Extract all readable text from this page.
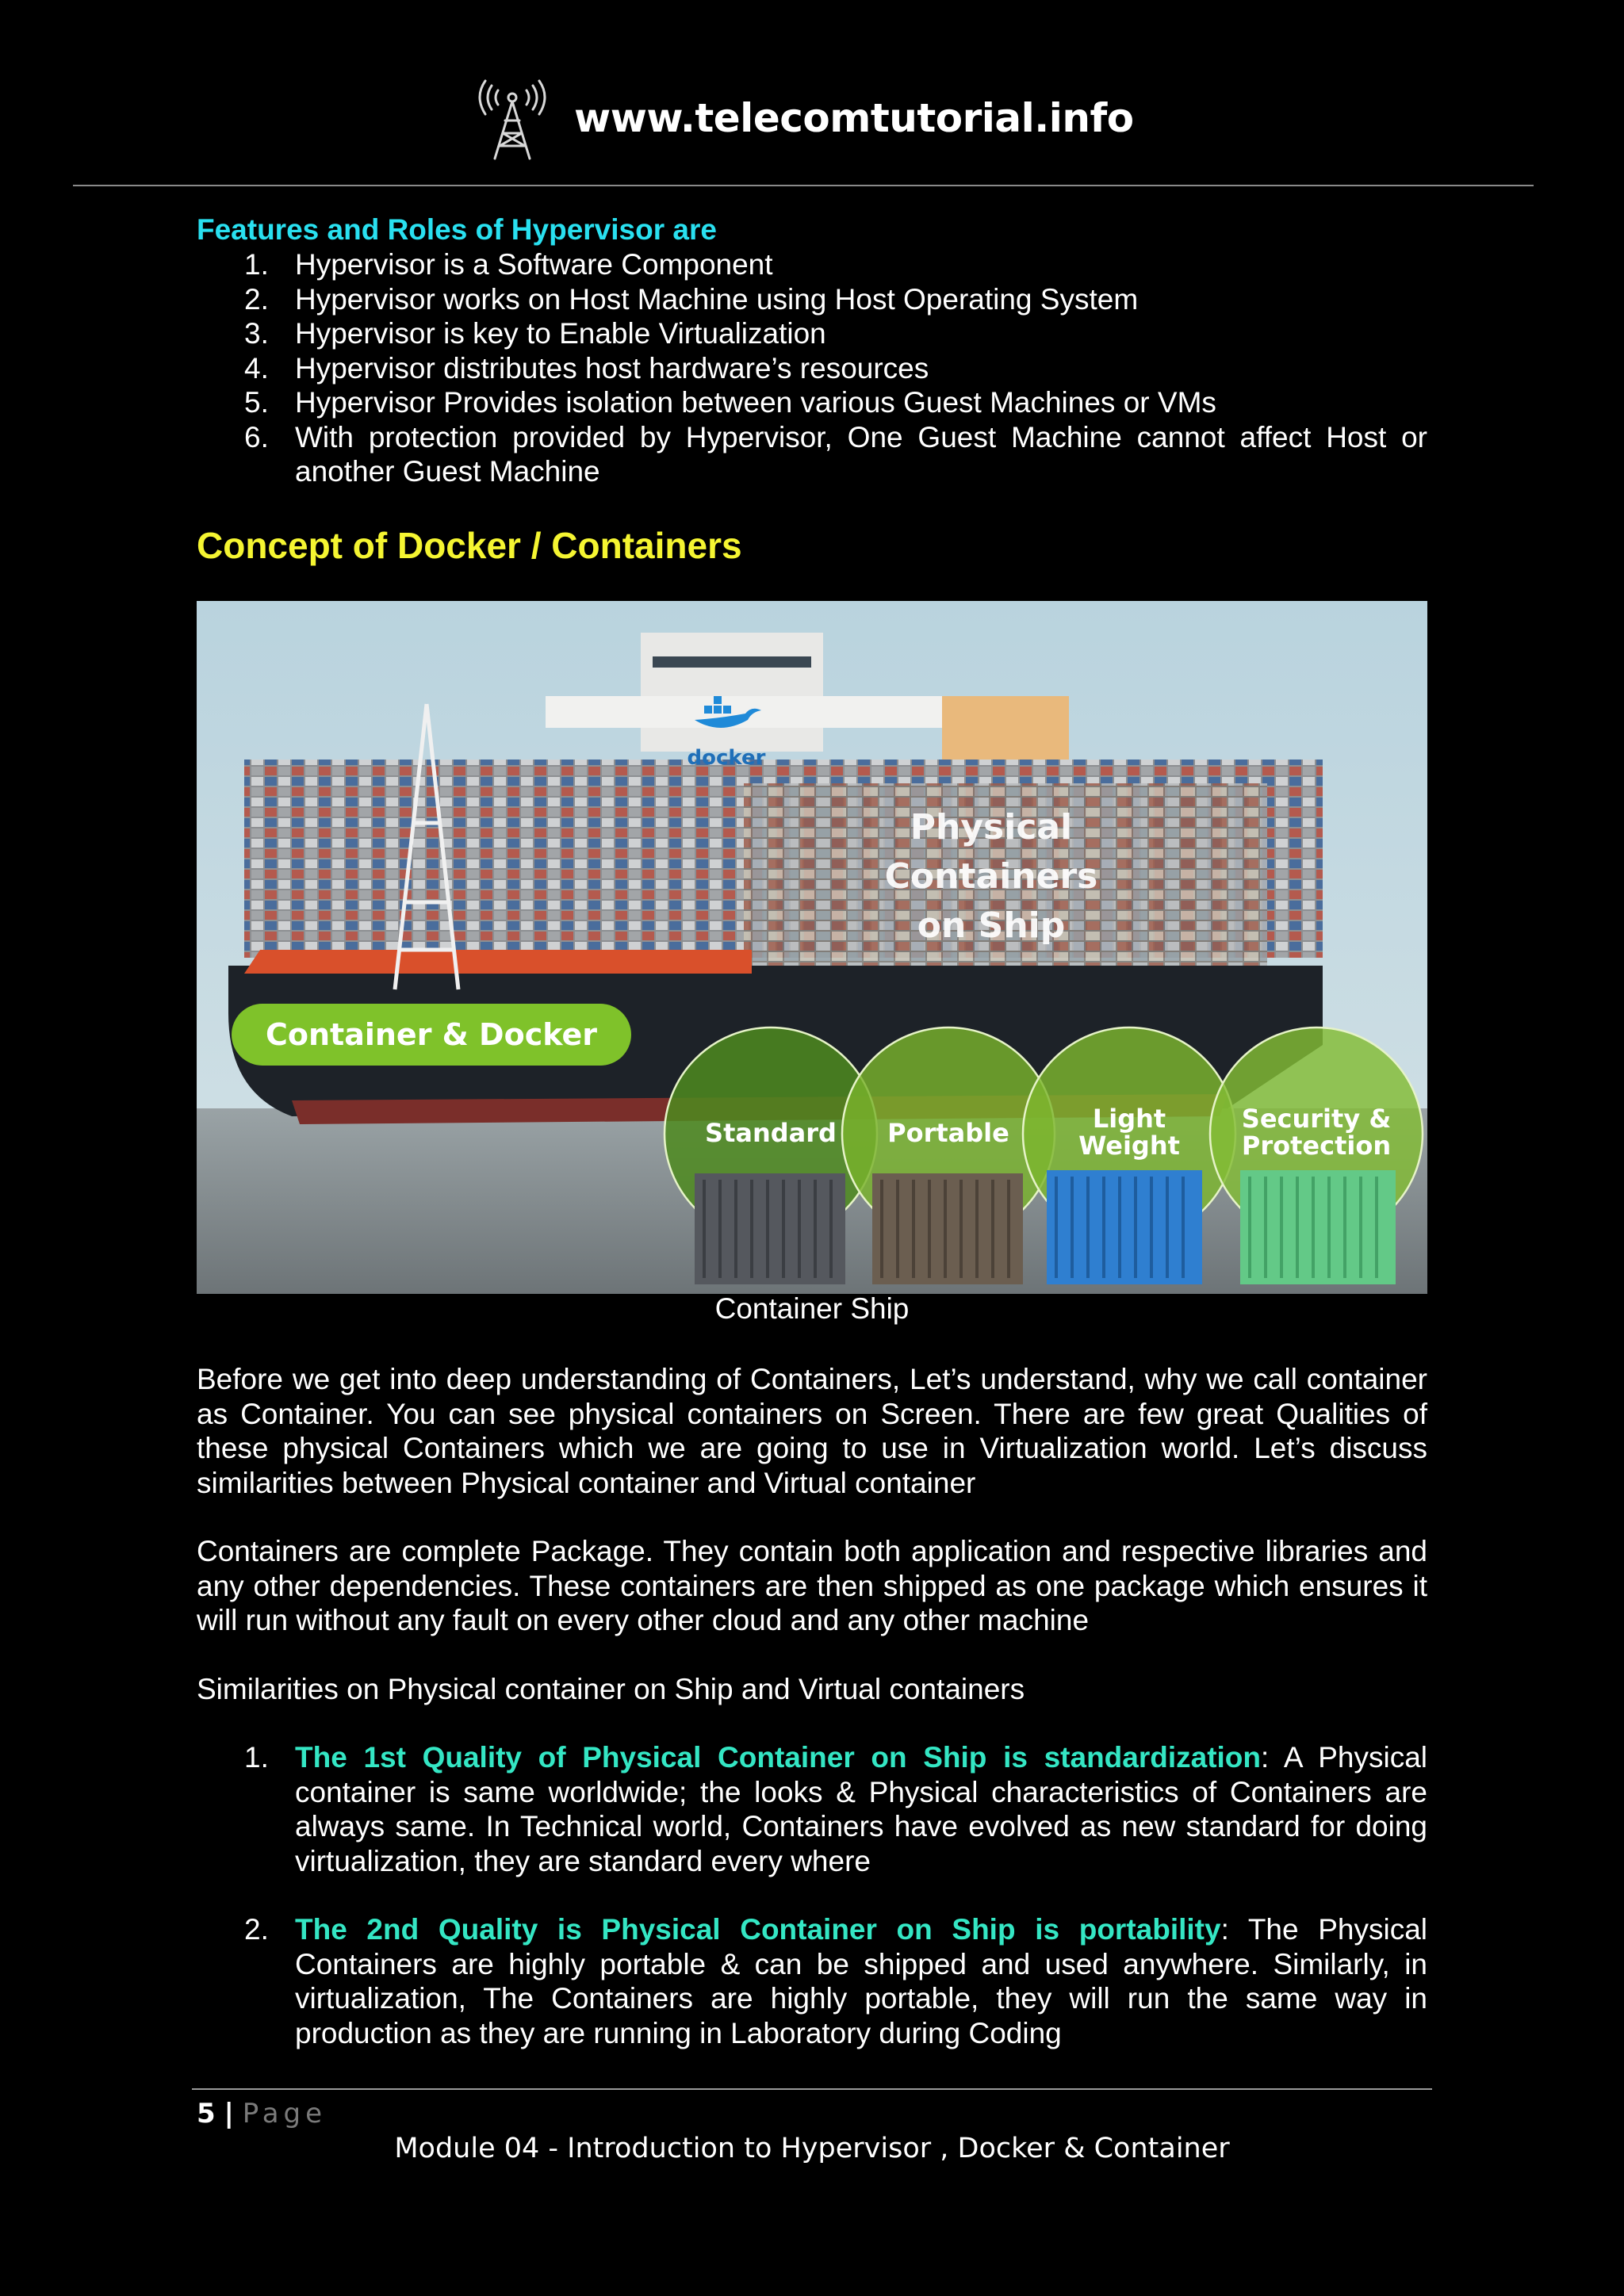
www.telecomtutorial.info
Features and Roles of Hypervisor are
1. Hypervisor is a Software Component
2. Hypervisor works on Host Machine using Host Operating System
3. Hypervisor is key to Enable Virtualization
4. Hypervisor distributes host hardware’s resources
5. Hypervisor Provides isolation between various Guest Machines or VMs
6. With protection provided by Hypervisor, One Guest Machine cannot affect Host or another Guest Machine
Concept of Docker / Containers
docker
Physical
Containers
on Ship
Container & Docker
Standard Portable	Light
Weight
Security &
Protection
Container Ship

Before we get into deep understanding of Containers, Let’s understand, why we call container as Container. You can see physical containers on Screen. There are few great Qualities of these physical Containers which we are going to use in Virtualization world. Let’s discuss similarities between Physical container and Virtual container

Containers are complete Package. They contain both application and respective libraries and any other dependencies. These containers are then shipped as one package which ensures it will run without any fault on every other cloud and any other machine

Similarities on Physical container on Ship and Virtual containers

1. The 1st Quality of Physical Container on Ship is standardization: A Physical container is same worldwide; the looks & Physical characteristics of Containers are always same. In Technical world, Containers have evolved as new standard for doing virtualization, they are standard every where
2. The 2nd Quality is Physical Container on Ship is portability: The Physical Containers are highly portable & can be shipped and used anywhere. Similarly, in virtualization, The Containers are highly portable, they will run the same way in production as they are running in Laboratory during Coding
5 | Page
Module 04 - Introduction to Hypervisor , Docker & Container
